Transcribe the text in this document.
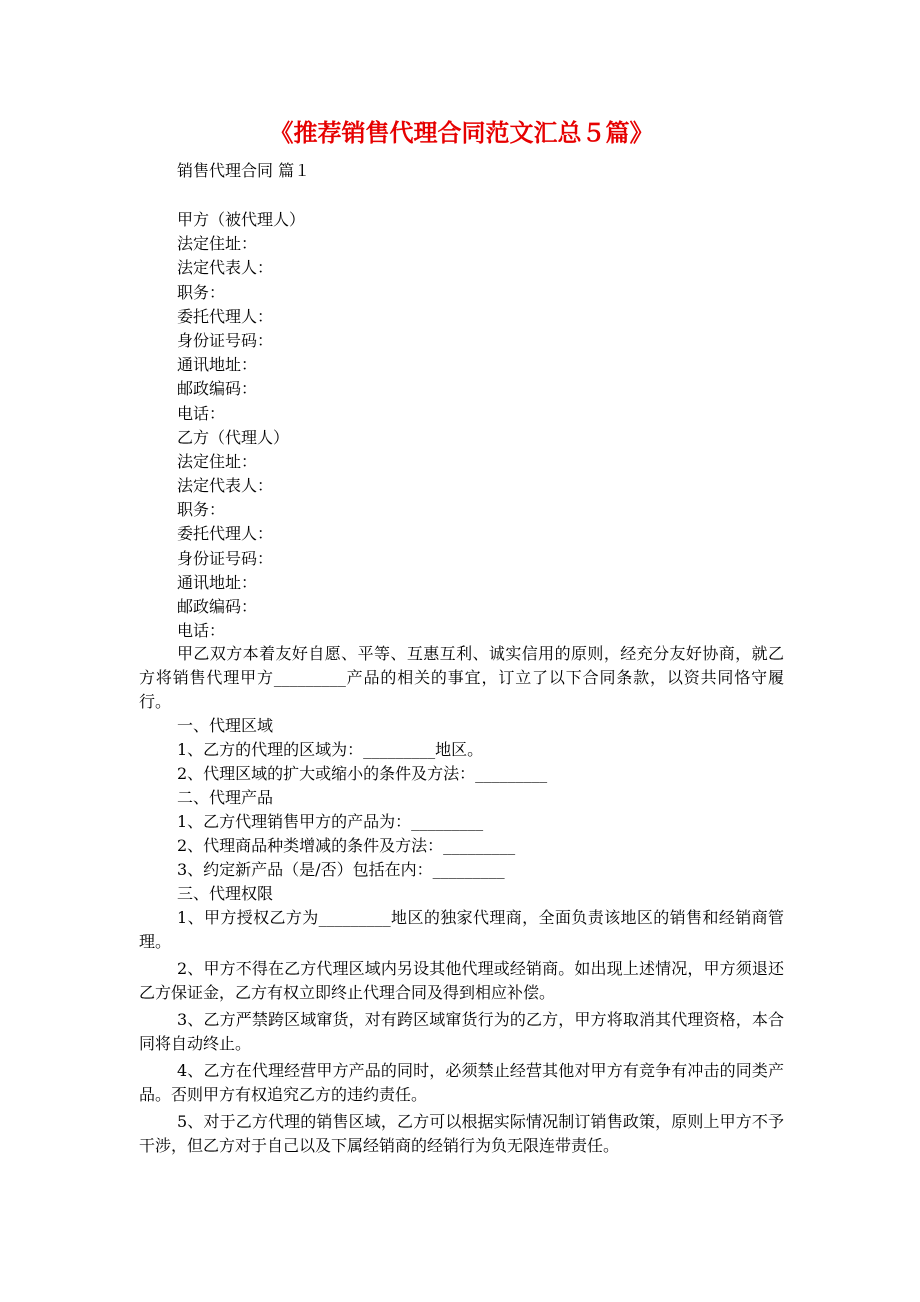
《推荐销售代理合同范文汇总５篇》
销售代理合同 篇１
甲方（被代理人）
法定住址：
法定代表人：
职务：
委托代理人：
身份证号码：
通讯地址：
邮政编码：
电话：
乙方（代理人）
法定住址：
法定代表人：
职务：
委托代理人：
身份证号码：
通讯地址：
邮政编码：
电话：

甲乙双方本着友好自愿、平等、互惠互利、诚实信用的原则，经充分友好协商，就乙方将销售代理甲方_________产品的相关的事宜，订立了以下合同条款，以资共同恪守履行。

一、代理区域

1、乙方的代理的区域为：_________地区。

2、代理区域的扩大或缩小的条件及方法：_________

二、代理产品

1、乙方代理销售甲方的产品为：_________

2、代理商品种类增减的条件及方法：_________

3、约定新产品（是/否）包括在内：_________

三、代理权限

1、甲方授权乙方为_________地区的独家代理商，全面负责该地区的销售和经销商管理。

2、甲方不得在乙方代理区域内另设其他代理或经销商。如出现上述情况，甲方须退还乙方保证金，乙方有权立即终止代理合同及得到相应补偿。

3、乙方严禁跨区域窜货，对有跨区域窜货行为的乙方，甲方将取消其代理资格，本合同将自动终止。

4、乙方在代理经营甲方产品的同时，必须禁止经营其他对甲方有竞争有冲击的同类产品。否则甲方有权追究乙方的违约责任。

5、对于乙方代理的销售区域，乙方可以根据实际情况制订销售政策，原则上甲方不予干涉，但乙方对于自己以及下属经销商的经销行为负无限连带责任。
